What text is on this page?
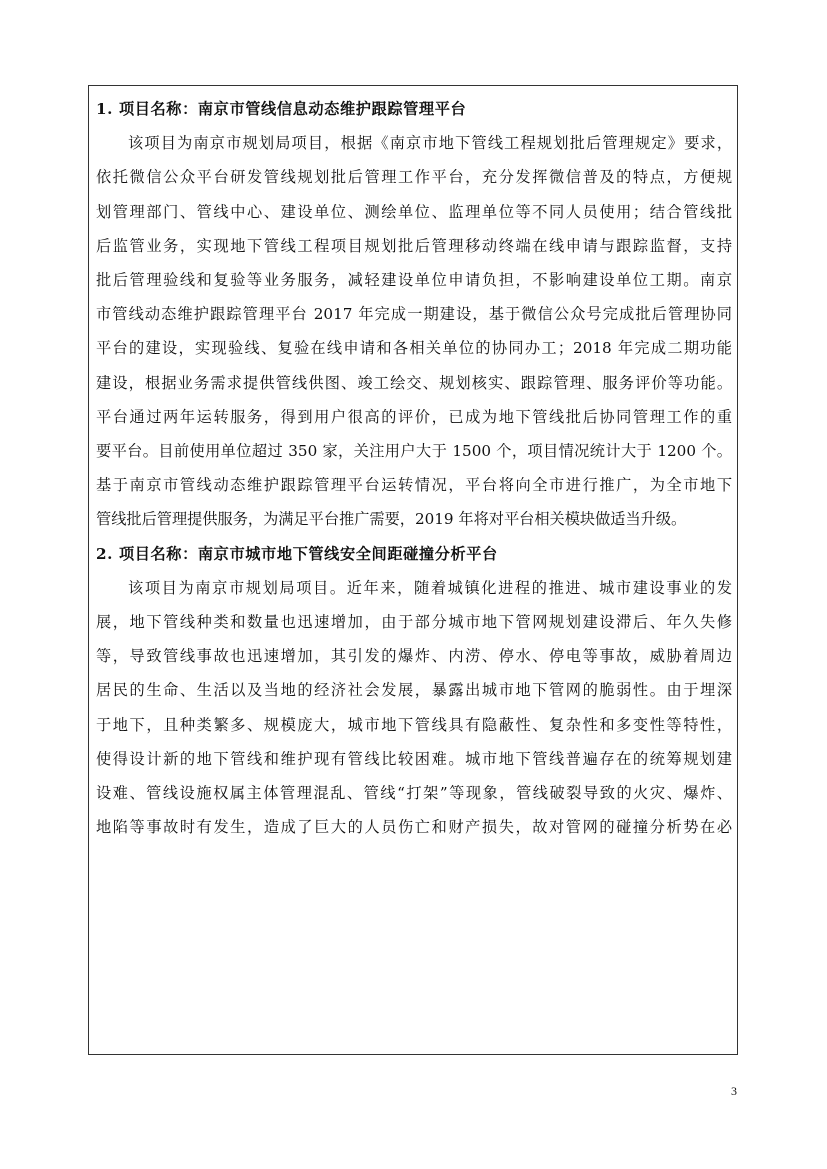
1. 项目名称：南京市管线信息动态维护跟踪管理平台
该项目为南京市规划局项目，根据《南京市地下管线工程规划批后管理规定》要求，
依托微信公众平台研发管线规划批后管理工作平台，充分发挥微信普及的特点，方便规
划管理部门、管线中心、建设单位、测绘单位、监理单位等不同人员使用；结合管线批
后监管业务，实现地下管线工程项目规划批后管理移动终端在线申请与跟踪监督，支持
批后管理验线和复验等业务服务，减轻建设单位申请负担，不影响建设单位工期。南京
市管线动态维护跟踪管理平台 2017 年完成一期建设，基于微信公众号完成批后管理协同
平台的建设，实现验线、复验在线申请和各相关单位的协同办工；2018 年完成二期功能
建设，根据业务需求提供管线供图、竣工绘交、规划核实、跟踪管理、服务评价等功能。
平台通过两年运转服务，得到用户很高的评价，已成为地下管线批后协同管理工作的重
要平台。目前使用单位超过 350 家，关注用户大于 1500 个，项目情况统计大于 1200 个。
基于南京市管线动态维护跟踪管理平台运转情况，平台将向全市进行推广，为全市地下
管线批后管理提供服务，为满足平台推广需要，2019 年将对平台相关模块做适当升级。
2. 项目名称：南京市城市地下管线安全间距碰撞分析平台
该项目为南京市规划局项目。近年来，随着城镇化进程的推进、城市建设事业的发
展，地下管线种类和数量也迅速增加，由于部分城市地下管网规划建设滞后、年久失修
等，导致管线事故也迅速增加，其引发的爆炸、内涝、停水、停电等事故，威胁着周边
居民的生命、生活以及当地的经济社会发展，暴露出城市地下管网的脆弱性。由于埋深
于地下，且种类繁多、规模庞大，城市地下管线具有隐蔽性、复杂性和多变性等特性，
使得设计新的地下管线和维护现有管线比较困难。城市地下管线普遍存在的统筹规划建
设难、管线设施权属主体管理混乱、管线“打架”等现象，管线破裂导致的火灾、爆炸、
地陷等事故时有发生，造成了巨大的人员伤亡和财产损失，故对管网的碰撞分析势在必
3
